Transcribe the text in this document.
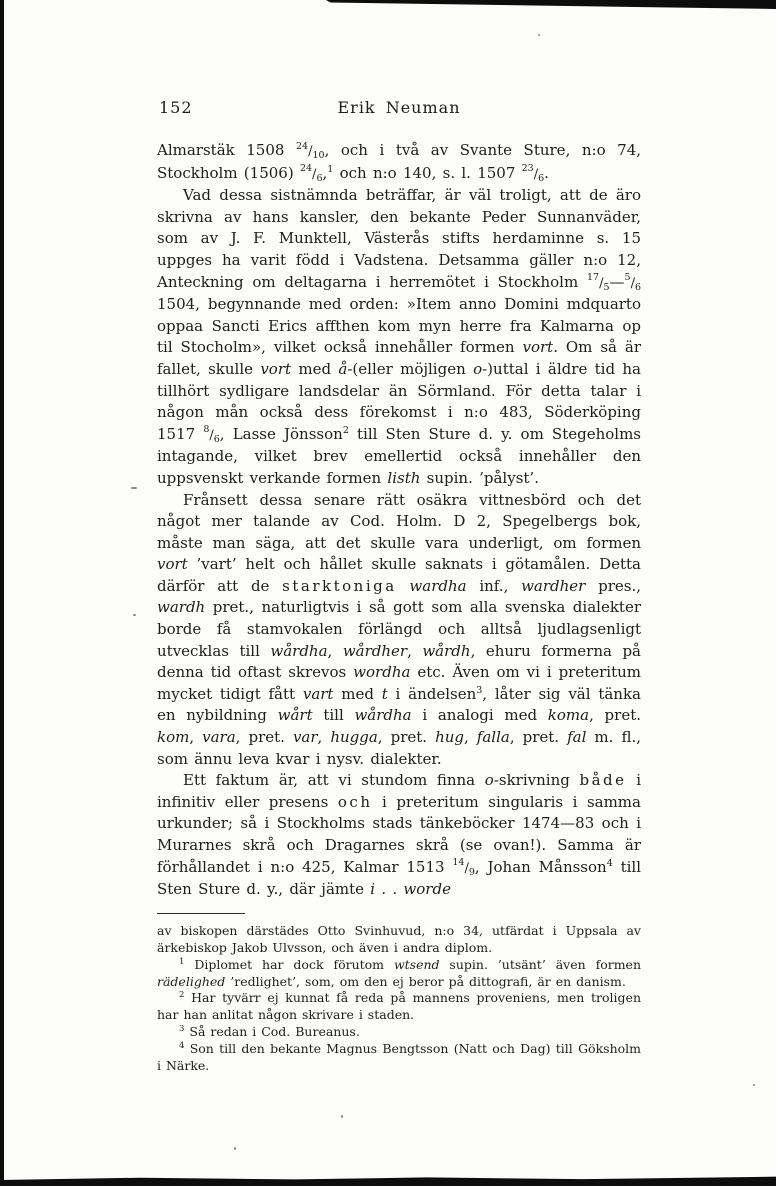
152	Erik Neuman

Almarstäk 1508 $^{24}/_{10}$, och i två av Svante Sture, n:o 74, Stockholm (1506) $^{24}/_6,^1$ och n:o 140, s. l. 1507 $^{23}/_6$.

Vad dessa sistnämnda beträffar, är väl troligt, att de äro skrivna av hans kansler, den bekante Peder Sunnanväder, som av J. F. Munktell, Västerås stifts herdaminne s. 15 uppges ha varit född i Vadstena. Detsamma gäller n:o 12, Anteckning om deltagarna i herremötet i Stockholm $^{17}/_5—^5/_6$ 1504, begynnande med orden: »Item anno Domini mdquarto oppaa Sancti Erics affthen kom myn herre fra Kalmarna op til Stocholm», vilket också innehåller formen vort. Om så är fallet, skulle vort med å-(eller möjligen o-)uttal i äldre tid ha tillhört sydligare landsdelar än Sörmland. För detta talar i någon mån också dess förekomst i n:o 483, Söderköping 1517 $^8/_6$, Lasse Jönsson$^2$ till Sten Sture d. y. om Stegeholms intagande, vilket brev emellertid också innehåller den uppsvenskt verkande formen listh supin. ’pålyst’.

Frånsett dessa senare rätt osäkra vittnesbörd och det något mer talande av Cod. Holm. D 2, Spegelbergs bok, måste man säga, att det skulle vara underligt, om formen vort ’vart’ helt och hållet skulle saknats i götamålen. Detta därför att de starktoniga wardha inf., wardher pres., wardh pret., naturligtvis i så gott som alla svenska dialekter borde få stamvokalen förlängd och alltså ljudlagsenligt utvecklas till wårdha, wårdher, wårdh, ehuru formerna på denna tid oftast skrevos wordha etc. Även om vi i preteritum mycket tidigt fått vart med t i ändelsen$^3$, låter sig väl tänka en nybildning wårt till wårdha i analogi med koma, pret. kom, vara, pret. var, hugga, pret. hug, falla, pret. fal m. fl., som ännu leva kvar i nysv. dialekter.

Ett faktum är, att vi stundom finna o-skrivning både i infinitiv eller presens och i preteritum singularis i samma urkunder; så i Stockholms stads tänkeböcker 1474—83 och i Murarnes skrå och Dragarnes skrå (se ovan!). Samma är förhållandet i n:o 425, Kalmar 1513 $^{14}/_9$, Johan Månsson$^4$ till Sten Sture d. y., där jämte i . . worde

av biskopen därstädes Otto Svinhuvud, n:o 34, utfärdat i Uppsala av ärkebiskop Jakob Ulvsson, och även i andra diplom.

$^1$ Diplomet har dock förutom wtsend supin. ’utsänt’ även formen rädelighed ’redlighet’, som, om den ej beror på dittografi, är en danism.

$^2$ Har tyvärr ej kunnat få reda på mannens proveniens, men troligen har han anlitat någon skrivare i staden.

$^3$ Så redan i Cod. Bureanus.

$^4$ Son till den bekante Magnus Bengtsson (Natt och Dag) till Göksholm i Närke.
